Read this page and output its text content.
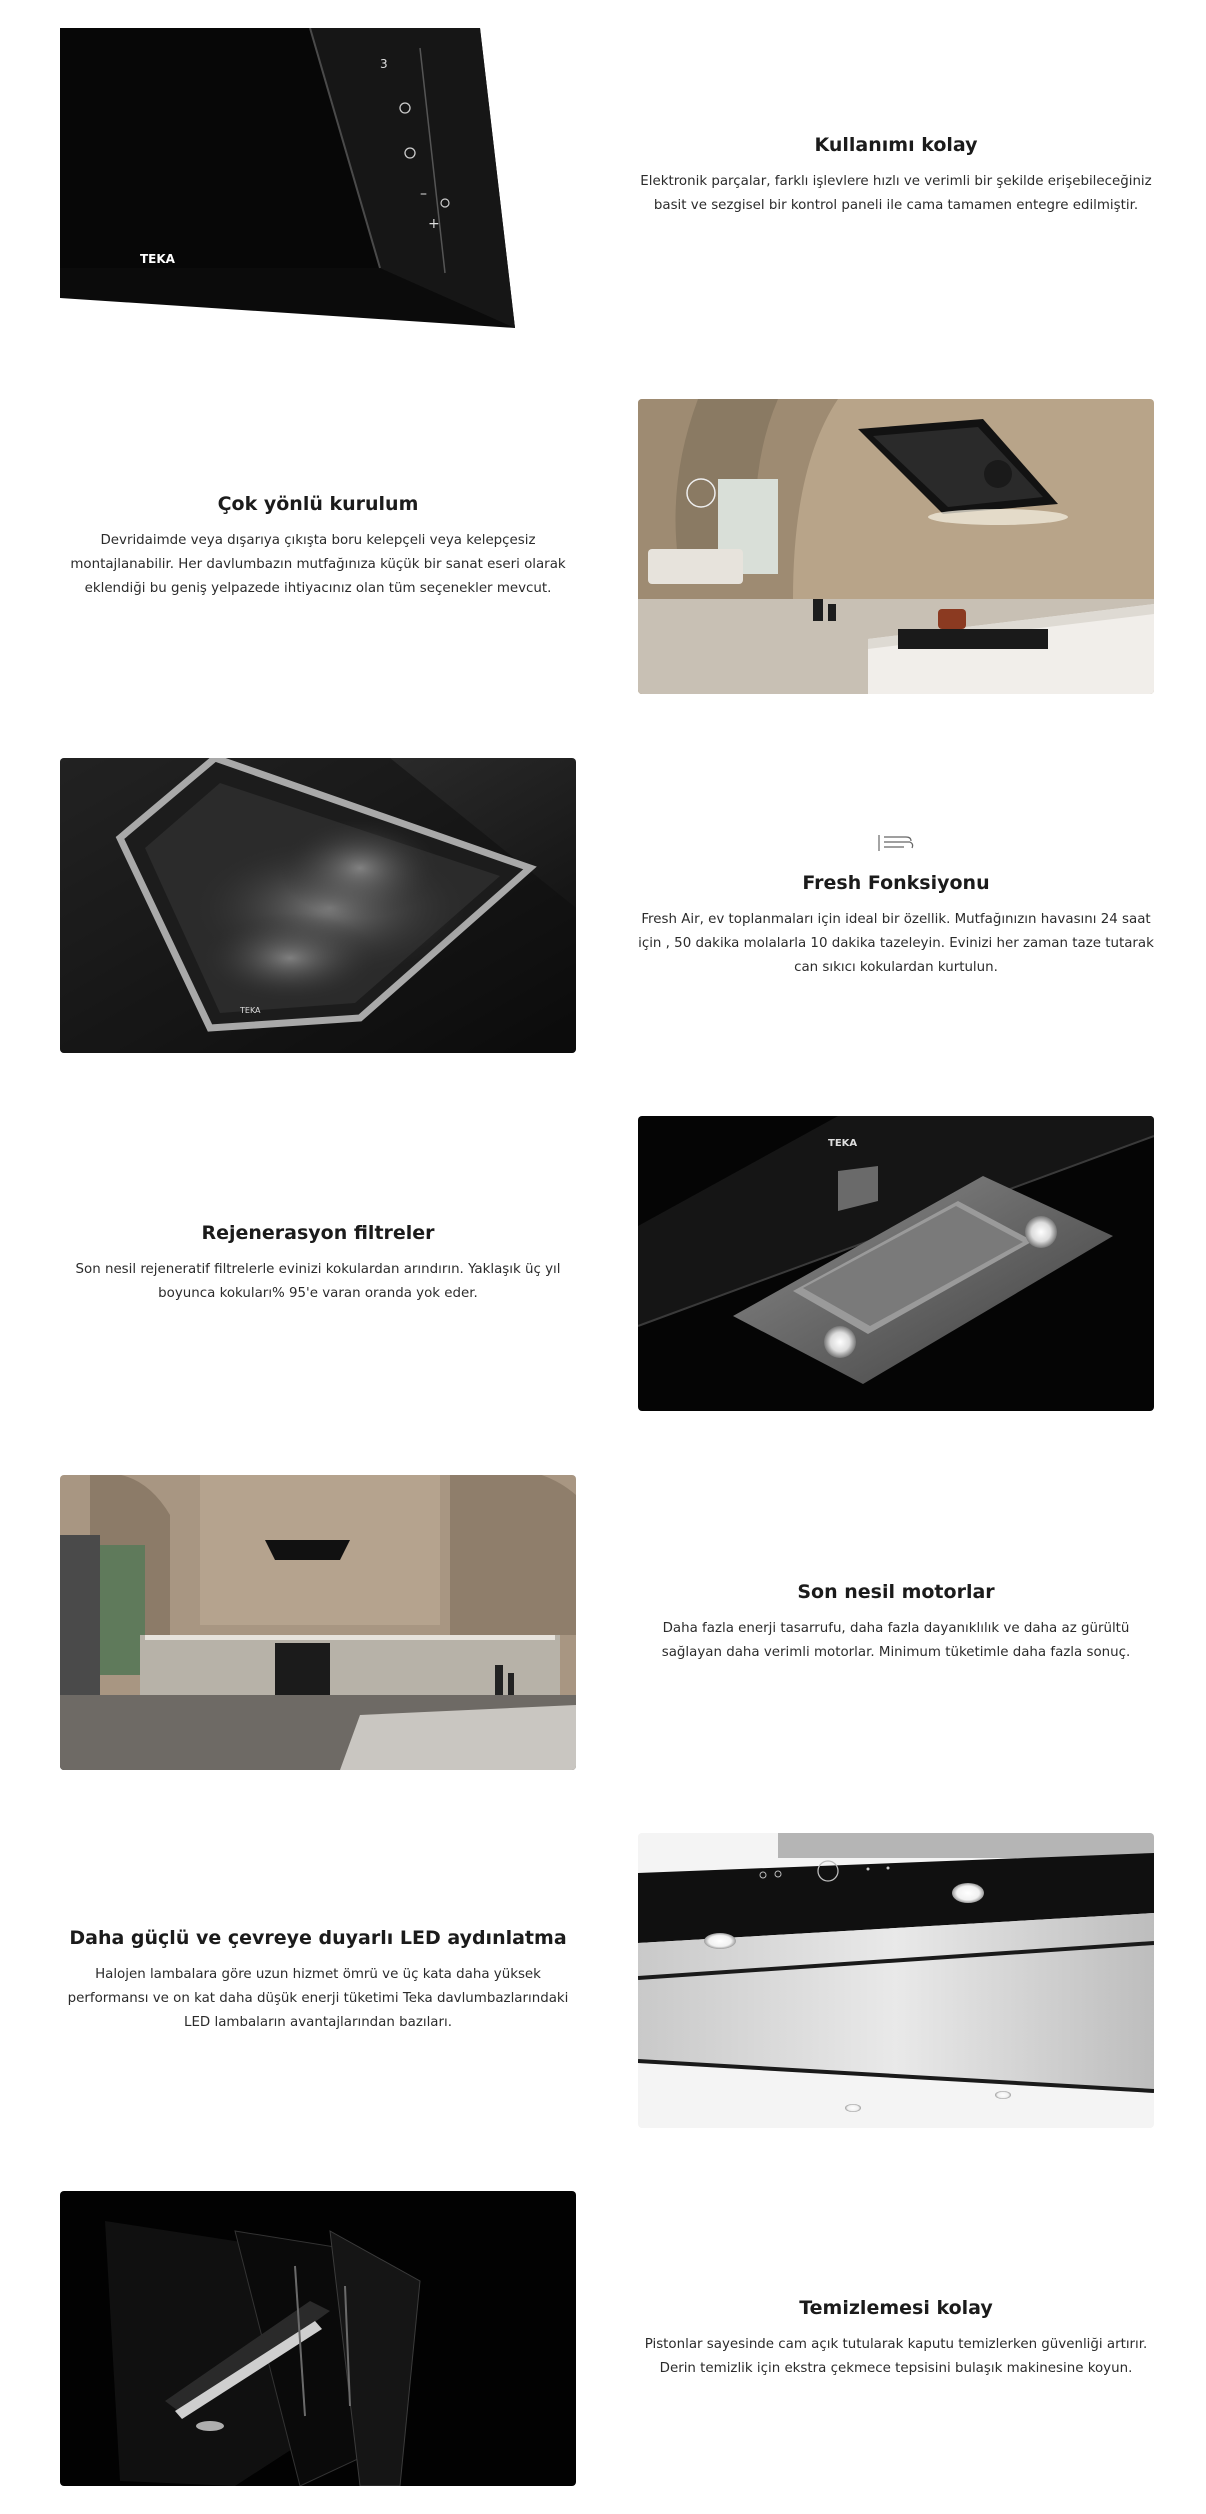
3
–
+
TEKA
Kullanımı kolay

Elektronik parçalar, farklı işlevlere hızlı ve verimli bir şekilde erişebileceğiniz basit ve sezgisel bir kontrol paneli ile cama tamamen entegre edilmiştir.

Çok yönlü kurulum

Devridaimde veya dışarıya çıkışta boru kelepçeli veya kelepçesiz montajlanabilir. Her davlumbazın mutfağınıza küçük bir sanat eseri olarak eklendiği bu geniş yelpazede ihtiyacınız olan tüm seçenekler mevcut.

TEKA
Fresh Fonksiyonu

Fresh Air, ev toplanmaları için ideal bir özellik. Mutfağınızın havasını 24 saat için , 50 dakika molalarla 10 dakika tazeleyin. Evinizi her zaman taze tutarak can sıkıcı kokulardan kurtulun.

Rejenerasyon filtreler

Son nesil rejeneratif filtrelerle evinizi kokulardan arındırın. Yaklaşık üç yıl boyunca kokuları% 95'e varan oranda yok eder.

TEKA
Son nesil motorlar

Daha fazla enerji tasarrufu, daha fazla dayanıklılık ve daha az gürültü sağlayan daha verimli motorlar. Minimum tüketimle daha fazla sonuç.

Daha güçlü ve çevreye duyarlı LED aydınlatma

Halojen lambalara göre uzun hizmet ömrü ve üç kata daha yüksek performansı ve on kat daha düşük enerji tüketimi Teka davlumbazlarındaki LED lambaların avantajlarından bazıları.

Temizlemesi kolay

Pistonlar sayesinde cam açık tutularak kaputu temizlerken güvenliği artırır. Derin temizlik için ekstra çekmece tepsisini bulaşık makinesine koyun.
